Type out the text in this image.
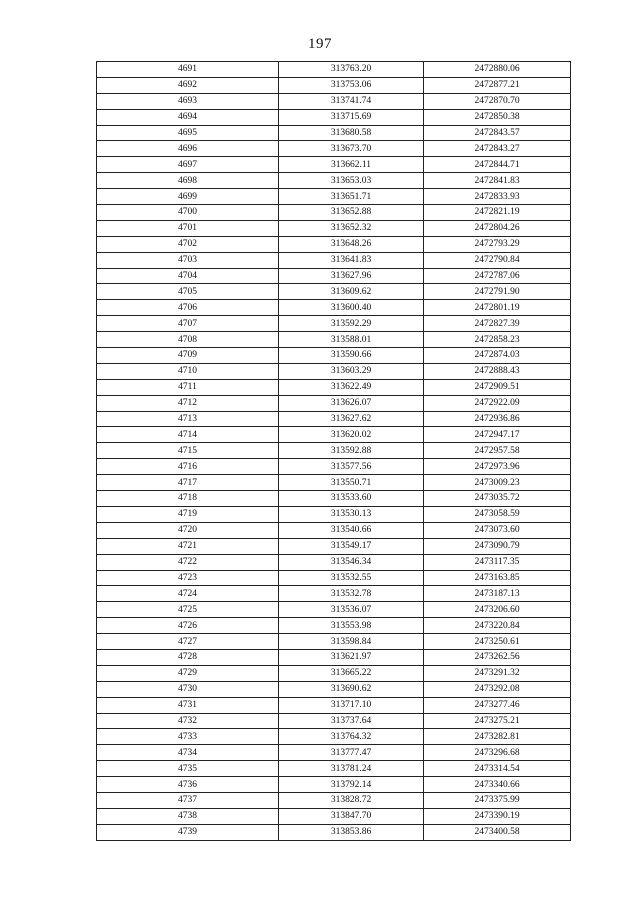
197
4691	313763.20	2472880.06
4692	313753.06	2472877.21
4693	313741.74	2472870.70
4694	313715.69	2472850.38
4695	313680.58	2472843.57
4696	313673.70	2472843.27
4697	313662.11	2472844.71
4698	313653.03	2472841.83
4699	313651.71	2472833.93
4700	313652.88	2472821.19
4701	313652.32	2472804.26
4702	313648.26	2472793.29
4703	313641.83	2472790.84
4704	313627.96	2472787.06
4705	313609.62	2472791.90
4706	313600.40	2472801.19
4707	313592.29	2472827.39
4708	313588.01	2472858.23
4709	313590.66	2472874.03
4710	313603.29	2472888.43
4711	313622.49	2472909.51
4712	313626.07	2472922.09
4713	313627.62	2472936.86
4714	313620.02	2472947.17
4715	313592.88	2472957.58
4716	313577.56	2472973.96
4717	313550.71	2473009.23
4718	313533.60	2473035.72
4719	313530.13	2473058.59
4720	313540.66	2473073.60
4721	313549.17	2473090.79
4722	313546.34	2473117.35
4723	313532.55	2473163.85
4724	313532.78	2473187.13
4725	313536.07	2473206.60
4726	313553.98	2473220.84
4727	313598.84	2473250.61
4728	313621.97	2473262.56
4729	313665.22	2473291.32
4730	313690.62	2473292.08
4731	313717.10	2473277.46
4732	313737.64	2473275.21
4733	313764.32	2473282.81
4734	313777.47	2473296.68
4735	313781.24	2473314.54
4736	313792.14	2473340.66
4737	313828.72	2473375.99
4738	313847.70	2473390.19
4739	313853.86	2473400.58
